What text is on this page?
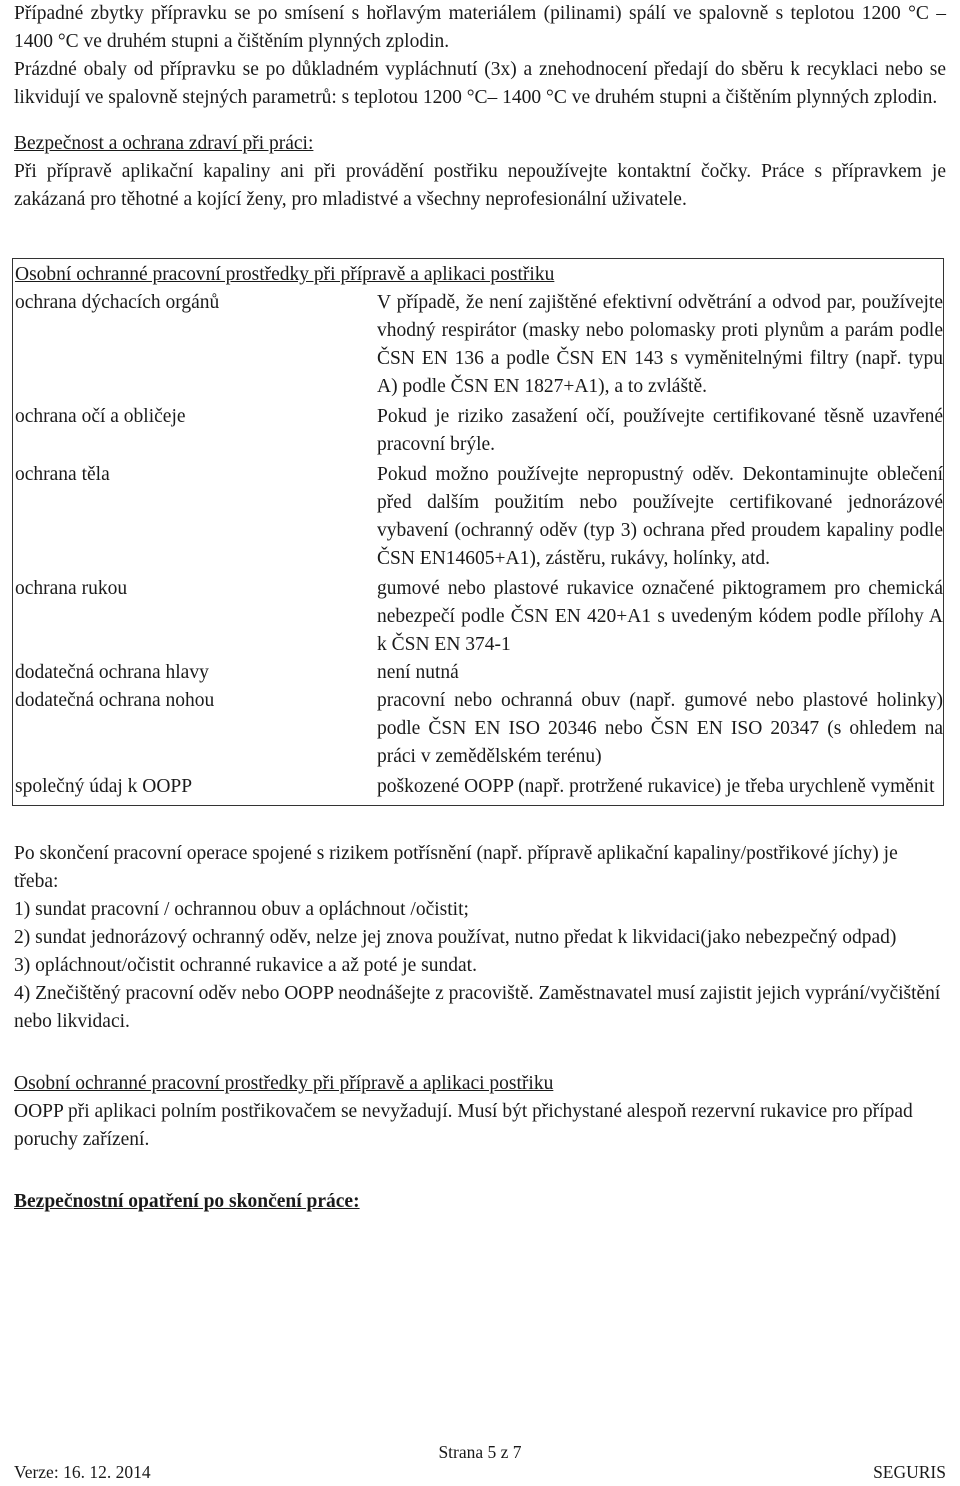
Případné zbytky přípravku se po smísení s hořlavým materiálem (pilinami) spálí ve spalovně s teplotou 1200 °C – 1400 °C ve druhém stupni a čištěním plynných zplodin.

Prázdné obaly od přípravku se po důkladném vypláchnutí (3x) a znehodnocení předají do sběru k recyklaci nebo se likvidují ve spalovně stejných parametrů: s teplotou 1200 °C– 1400 °C ve druhém stupni a čištěním plynných zplodin.

Bezpečnost a ochrana zdraví při práci:

Při přípravě aplikační kapaliny ani při provádění postřiku nepoužívejte kontaktní čočky. Práce s přípravkem je zakázaná pro těhotné a kojící ženy, pro mladistvé a všechny neprofesionální uživatele.

Osobní ochranné pracovní prostředky při přípravě a aplikaci postřiku

ochrana dýchacích orgánů	V případě, že není zajištěné efektivní odvětrání a odvod par, používejte vhodný respirátor (masky nebo polomasky proti plynům a parám podle ČSN EN 136 a podle ČSN EN 143 s vyměnitelnými filtry (např. typu A) podle ČSN EN 1827+A1), a to zvláště.
ochrana očí a obličeje	Pokud je riziko zasažení očí, používejte certifikované těsně uzavřené pracovní brýle.
ochrana těla	Pokud možno používejte nepropustný oděv. Dekontaminujte oblečení před dalším použitím nebo používejte certifikované jednorázové vybavení (ochranný oděv (typ 3) ochrana před proudem kapaliny podle ČSN EN14605+A1), zástěru, rukávy, holínky, atd.
ochrana rukou	gumové nebo plastové rukavice označené piktogramem pro chemická nebezpečí podle ČSN EN 420+A1 s uvedeným kódem podle přílohy A k ČSN EN 374-1
dodatečná ochrana hlavy	není nutná
dodatečná ochrana nohou	pracovní nebo ochranná obuv (např. gumové nebo plastové holinky) podle ČSN EN ISO 20346 nebo ČSN EN ISO 20347 (s ohledem na práci v zemědělském terénu)
společný údaj k OOPP	poškozené OOPP (např. protržené rukavice) je třeba urychleně vyměnit

Po skončení pracovní operace spojené s rizikem potřísnění (např. přípravě aplikační kapaliny/postřikové jíchy) je třeba:

1) sundat pracovní / ochrannou obuv a opláchnout /očistit;

2) sundat jednorázový ochranný oděv, nelze jej znova používat, nutno předat k likvidaci(jako nebezpečný odpad)

3) opláchnout/očistit ochranné rukavice a až poté je sundat.

4) Znečištěný pracovní oděv nebo OOPP neodnášejte z pracoviště. Zaměstnavatel musí zajistit jejich vyprání/vyčištění nebo likvidaci.

Osobní ochranné pracovní prostředky při přípravě a aplikaci postřiku

OOPP při aplikaci polním postřikovačem se nevyžadují. Musí být přichystané alespoň rezervní rukavice pro případ poruchy zařízení.

Bezpečnostní opatření po skončení práce:

Strana 5 z 7
Verze: 16. 12. 2014	SEGURIS
